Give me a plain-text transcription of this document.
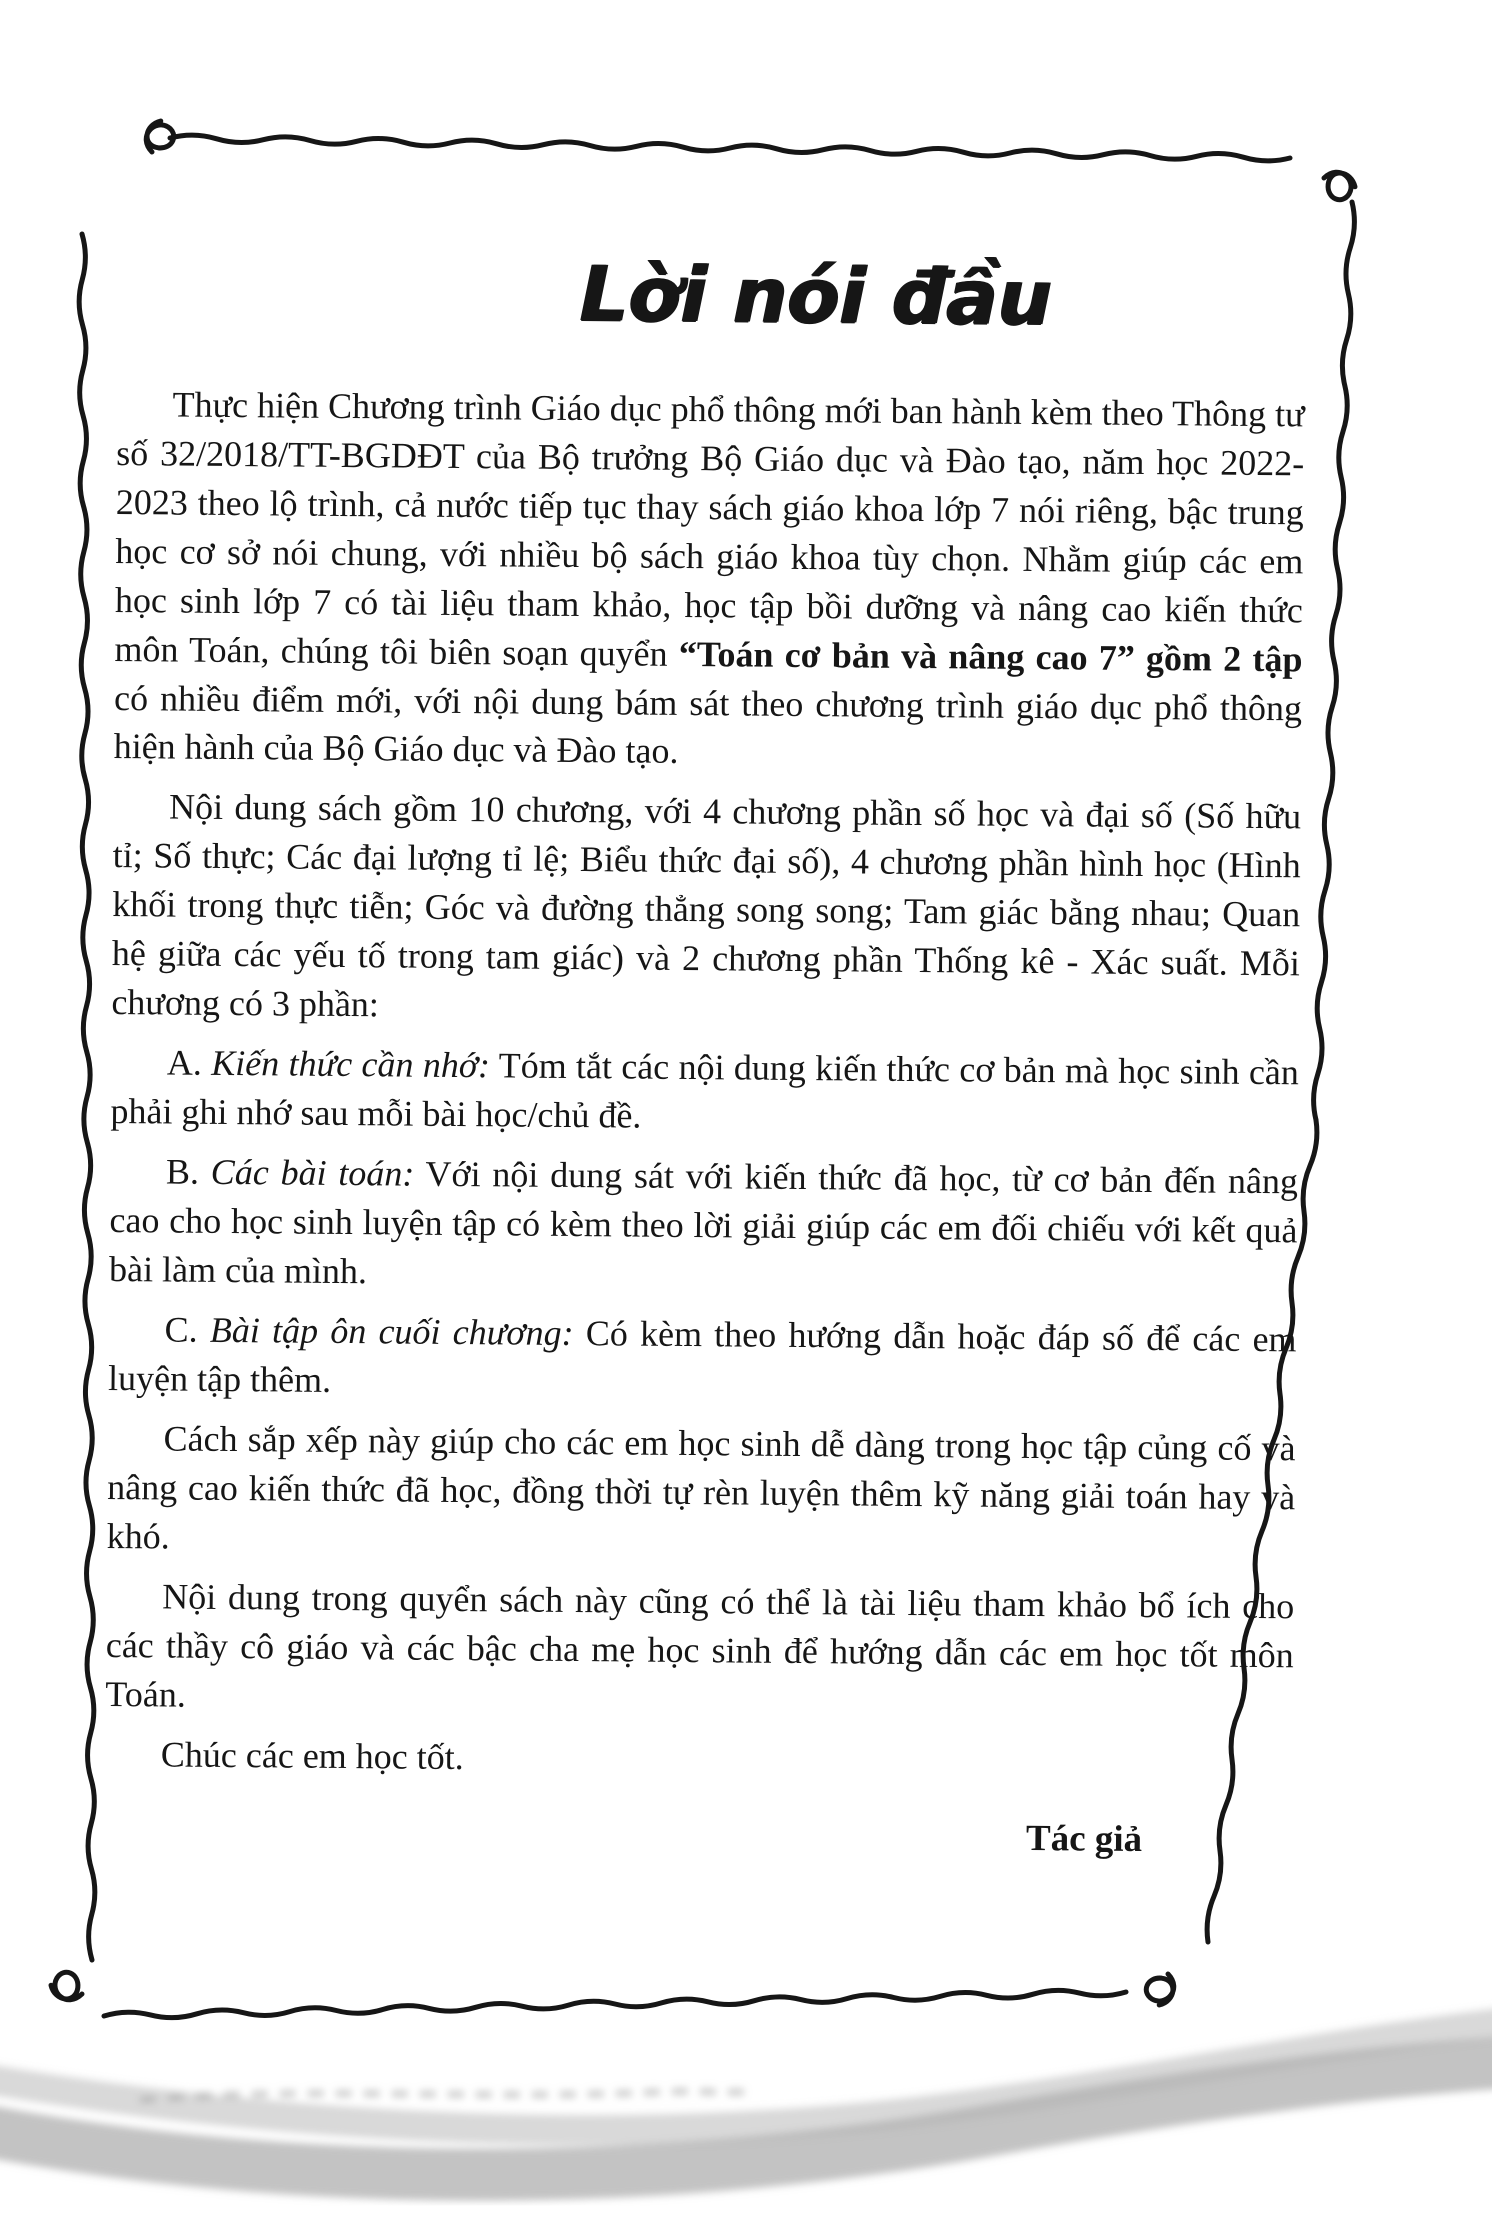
Lời nói đầu

Thực hiện Chương trình Giáo dục phổ thông mới ban hành kèm theo Thông tư số 32/2018/TT-BGDĐT của Bộ trưởng Bộ Giáo dục và Đào tạo, năm học 2022-2023 theo lộ trình, cả nước tiếp tục thay sách giáo khoa lớp 7 nói riêng, bậc trung học cơ sở nói chung, với nhiều bộ sách giáo khoa tùy chọn. Nhằm giúp các em học sinh lớp 7 có tài liệu tham khảo, học tập bồi dưỡng và nâng cao kiến thức môn Toán, chúng tôi biên soạn quyển “Toán cơ bản và nâng cao 7” gồm 2 tập có nhiều điểm mới, với nội dung bám sát theo chương trình giáo dục phổ thông hiện hành của Bộ Giáo dục và Đào tạo.

Nội dung sách gồm 10 chương, với 4 chương phần số học và đại số (Số hữu tỉ; Số thực; Các đại lượng tỉ lệ; Biểu thức đại số), 4 chương phần hình học (Hình khối trong thực tiễn; Góc và đường thẳng song song; Tam giác bằng nhau; Quan hệ giữa các yếu tố trong tam giác) và 2 chương phần Thống kê - Xác suất. Mỗi chương có 3 phần:

A. Kiến thức cần nhớ: Tóm tắt các nội dung kiến thức cơ bản mà học sinh cần phải ghi nhớ sau mỗi bài học/chủ đề.

B. Các bài toán: Với nội dung sát với kiến thức đã học, từ cơ bản đến nâng cao cho học sinh luyện tập có kèm theo lời giải giúp các em đối chiếu với kết quả bài làm của mình.

C. Bài tập ôn cuối chương: Có kèm theo hướng dẫn hoặc đáp số để các em luyện tập thêm.

Cách sắp xếp này giúp cho các em học sinh dễ dàng trong học tập củng cố và nâng cao kiến thức đã học, đồng thời tự rèn luyện thêm kỹ năng giải toán hay và khó.

Nội dung trong quyển sách này cũng có thể là tài liệu tham khảo bổ ích cho các thầy cô giáo và các bậc cha mẹ học sinh để hướng dẫn các em học tốt môn Toán.

Chúc các em học tốt.

Tác giả
